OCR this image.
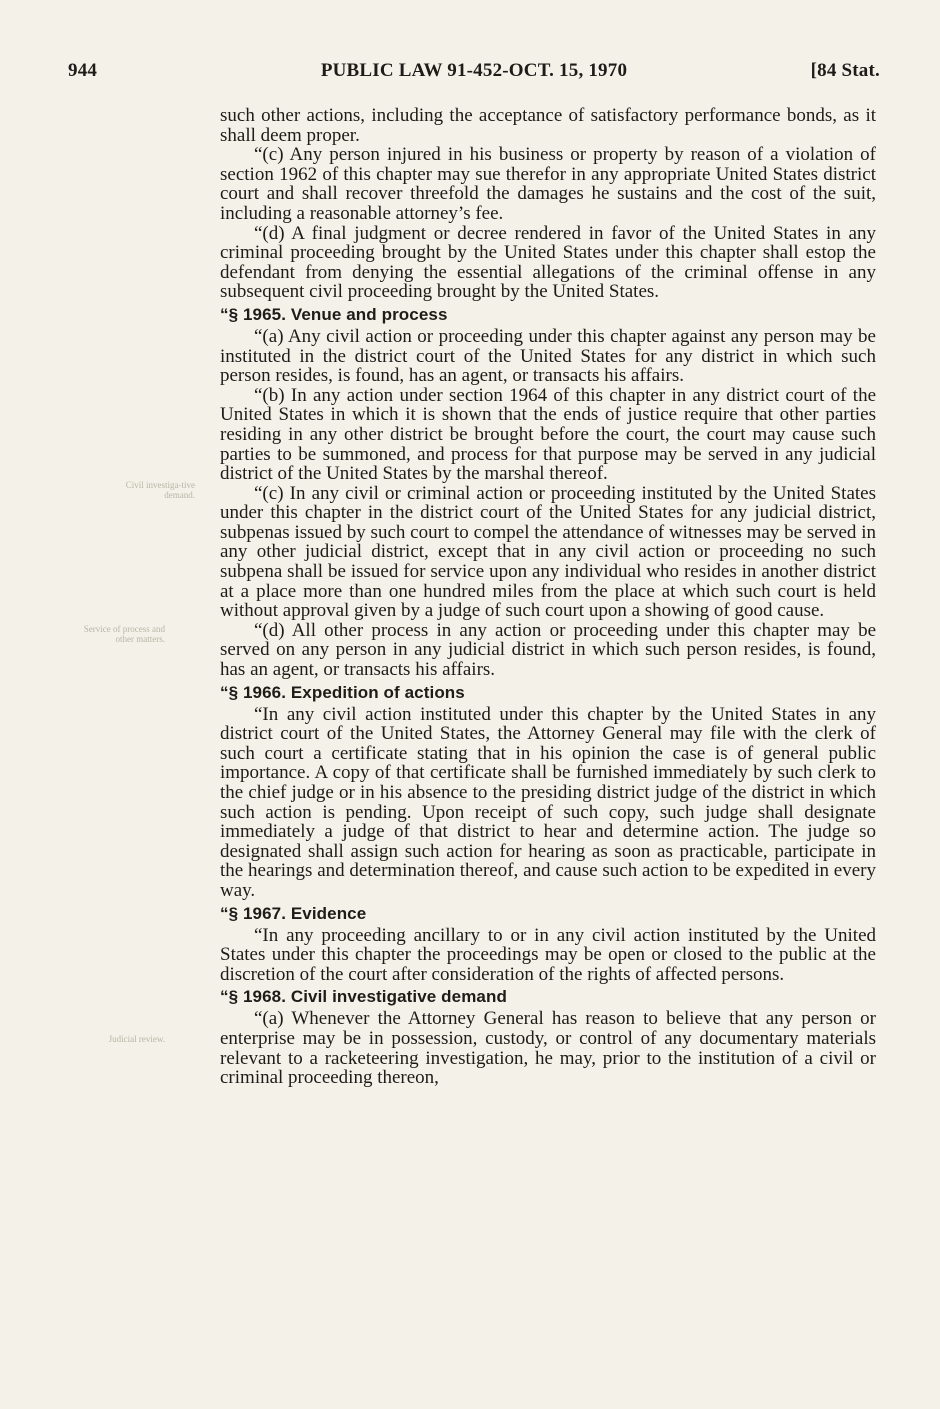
944	PUBLIC LAW 91-452-OCT. 15, 1970	[84 Stat.
Civil investiga-tive demand.
Service of process and other matters.
Judicial review.

such other actions, including the acceptance of satisfactory performance bonds, as it shall deem proper.

“(c) Any person injured in his business or property by reason of a violation of section 1962 of this chapter may sue therefor in any appropriate United States district court and shall recover threefold the damages he sustains and the cost of the suit, including a reasonable attorney’s fee.

“(d) A final judgment or decree rendered in favor of the United States in any criminal proceeding brought by the United States under this chapter shall estop the defendant from denying the essential allegations of the criminal offense in any subsequent civil proceeding brought by the United States.

“§ 1965. Venue and process

“(a) Any civil action or proceeding under this chapter against any person may be instituted in the district court of the United States for any district in which such person resides, is found, has an agent, or transacts his affairs.

“(b) In any action under section 1964 of this chapter in any district court of the United States in which it is shown that the ends of justice require that other parties residing in any other district be brought before the court, the court may cause such parties to be summoned, and process for that purpose may be served in any judicial district of the United States by the marshal thereof.

“(c) In any civil or criminal action or proceeding instituted by the United States under this chapter in the district court of the United States for any judicial district, subpenas issued by such court to compel the attendance of witnesses may be served in any other judicial district, except that in any civil action or proceeding no such subpena shall be issued for service upon any individual who resides in another district at a place more than one hundred miles from the place at which such court is held without approval given by a judge of such court upon a showing of good cause.

“(d) All other process in any action or proceeding under this chapter may be served on any person in any judicial district in which such person resides, is found, has an agent, or transacts his affairs.

“§ 1966. Expedition of actions

“In any civil action instituted under this chapter by the United States in any district court of the United States, the Attorney General may file with the clerk of such court a certificate stating that in his opinion the case is of general public importance. A copy of that certificate shall be furnished immediately by such clerk to the chief judge or in his absence to the presiding district judge of the district in which such action is pending. Upon receipt of such copy, such judge shall designate immediately a judge of that district to hear and determine action. The judge so designated shall assign such action for hearing as soon as practicable, participate in the hearings and determination thereof, and cause such action to be expedited in every way.

“§ 1967. Evidence

“In any proceeding ancillary to or in any civil action instituted by the United States under this chapter the proceedings may be open or closed to the public at the discretion of the court after consideration of the rights of affected persons.

“§ 1968. Civil investigative demand

“(a) Whenever the Attorney General has reason to believe that any person or enterprise may be in possession, custody, or control of any documentary materials relevant to a racketeering investigation, he may, prior to the institution of a civil or criminal proceeding thereon,
